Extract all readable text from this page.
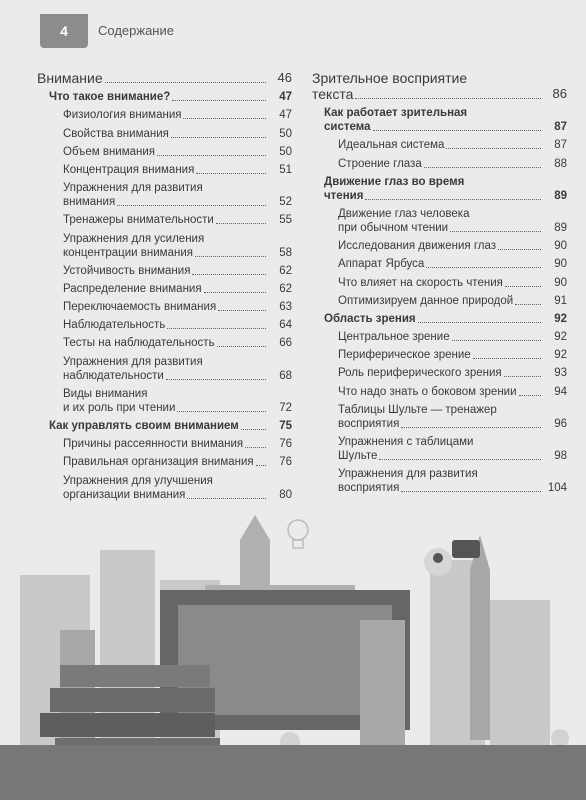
4	Содержание
Внимание	46
Что такое внимание?	47
Физиология внимания	47
Свойства внимания	50
Объем внимания	50
Концентрация внимания	51
Упражнения для развития
внимания	52
Тренажеры внимательности	55
Упражнения для усиления
концентрации внимания	58
Устойчивость внимания	62
Распределение внимания	62
Переключаемость внимания	63
Наблюдательность	64
Тесты на наблюдательность	66
Упражнения для развития
наблюдательности	68
Виды внимания
и их роль при чтении	72
Как управлять своим вниманием	75
Причины рассеянности внимания	76
Правильная организация внимания 76
Упражнения для улучшения
организации внимания	80
Зрительное восприятие
текста	86
Как работает зрительная
система	87
Идеальная система	87
Строение глаза	88
Движение глаз во время
чтения	89
Движение глаз человека
при обычном чтении	89
Исследования движения глаз	90
Аппарат Ярбуса	90
Что влияет на скорость чтения	90
Оптимизируем данное природой	91
Область зрения	92
Центральное зрение	92
Периферическое зрение	92
Роль периферического зрения	93
Что надо знать о боковом зрении	94
Таблицы Шульте — тренажер
восприятия	96
Упражнения с таблицами
Шульте	98
Упражнения для развития
восприятия	104
